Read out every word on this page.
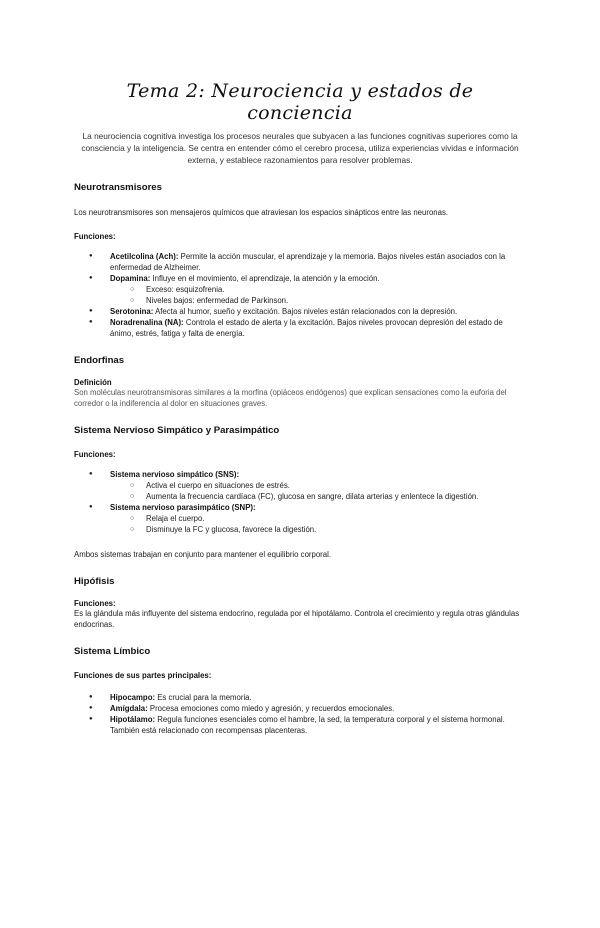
Tema 2: Neurociencia y estados de conciencia

La neurociencia cognitiva investiga los procesos neurales que subyacen a las funciones cognitivas superiores como la consciencia y la inteligencia. Se centra en entender cómo el cerebro procesa, utiliza experiencias vividas e información externa, y establece razonamientos para resolver problemas.

Neurotransmisores

Los neurotransmisores son mensajeros químicos que atraviesan los espacios sinápticos entre las neuronas.

Funciones:
● Acetilcolina (Ach): Permite la acción muscular, el aprendizaje y la memoria. Bajos niveles están asociados con la enfermedad de Alzheimer.
● Dopamina: Influye en el movimiento, el aprendizaje, la atención y la emoción.
○ Exceso: esquizofrenia.
○ Niveles bajos: enfermedad de Parkinson.
● Serotonina: Afecta al humor, sueño y excitación. Bajos niveles están relacionados con la depresión.
● Noradrenalina (NA): Controla el estado de alerta y la excitación. Bajos niveles provocan depresión del estado de ánimo, estrés, fatiga y falta de energía.
Endorfinas
Definición

Son moléculas neurotransmisoras similares a la morfina (opiáceos endógenos) que explican sensaciones como la euforia del corredor o la indiferencia al dolor en situaciones graves.

Sistema Nervioso Simpático y Parasimpático
Funciones:
● Sistema nervioso simpático (SNS):
○ Activa el cuerpo en situaciones de estrés.
○ Aumenta la frecuencia cardíaca (FC), glucosa en sangre, dilata arterias y enlentece la digestión.
● Sistema nervioso parasimpático (SNP):
○ Relaja el cuerpo.
○ Disminuye la FC y glucosa, favorece la digestión.

Ambos sistemas trabajan en conjunto para mantener el equilibrio corporal.

Hipófisis
Funciones:

Es la glándula más influyente del sistema endocrino, regulada por el hipotálamo. Controla el crecimiento y regula otras glándulas endocrinas.

Sistema Límbico
Funciones de sus partes principales:
● Hipocampo: Es crucial para la memoria.
● Amígdala: Procesa emociones como miedo y agresión, y recuerdos emocionales.
● Hipotálamo: Regula funciones esenciales como el hambre, la sed, la temperatura corporal y el sistema hormonal. También está relacionado con recompensas placenteras.
